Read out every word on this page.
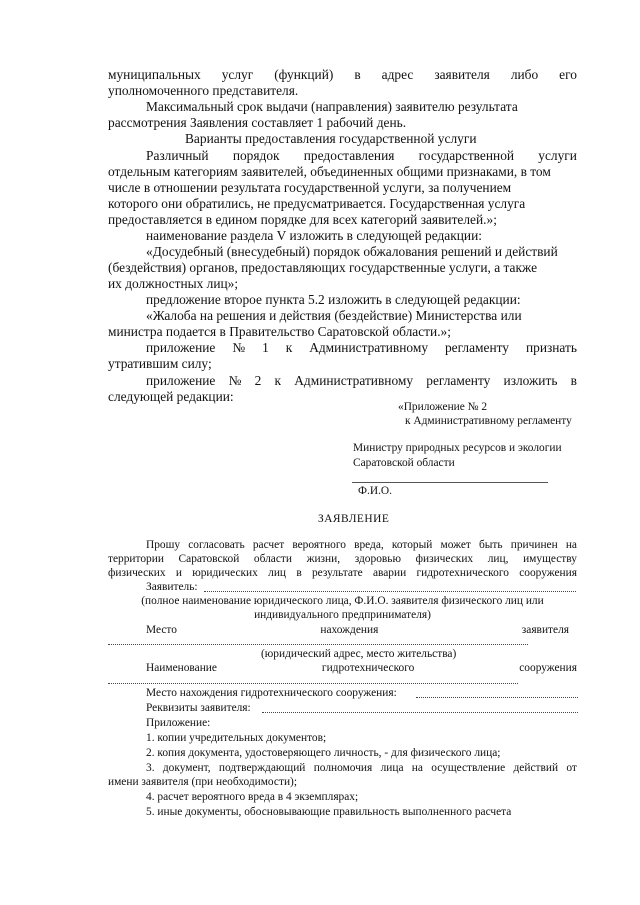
муниципальных услуг (функций) в адрес заявителя либо его
уполномоченного представителя.
Максимальный срок выдачи (направления) заявителю результата
рассмотрения Заявления составляет 1 рабочий день.
Варианты предоставления государственной услуги
Различный порядок предоставления государственной услуги
отдельным категориям заявителей, объединенных общими признаками, в том
числе в отношении результата государственной услуги, за получением
которого они обратились, не предусматривается. Государственная услуга
предоставляется в едином порядке для всех категорий заявителей.»;
наименование раздела V изложить в следующей редакции:
«Досудебный (внесудебный) порядок обжалования решений и действий
(бездействия) органов, предоставляющих государственные услуги, а также
их должностных лиц»;
предложение второе пункта 5.2 изложить в следующей редакции:
«Жалоба на решения и действия (бездействие) Министерства или
министра подается в Правительство Саратовской области.»;
приложение № 1 к Административному регламенту признать
утратившим силу;
приложение № 2 к Административному регламенту изложить в
следующей редакции:
«Приложение № 2
к Административному регламенту
Министру природных ресурсов и экологии
Саратовской области
Ф.И.О.
ЗАЯВЛЕНИЕ
Прошу согласовать расчет вероятного вреда, который может быть причинен на
территории Саратовской области жизни, здоровью физических лиц, имуществу
физических и юридических лиц в результате аварии гидротехнического сооружения
Заявитель:
(полное наименование юридического лица, Ф.И.О. заявителя физического лиц или
индивидуального предпринимателя)
Место	нахождения	заявителя
(юридический адрес, место жительства)
Наименование	гидротехнического	сооружения
Место нахождения гидротехнического сооружения:
Реквизиты заявителя:
Приложение:
1. копии учредительных документов;
2. копия документа, удостоверяющего личность, - для физического лица;
3. документ, подтверждающий полномочия лица на осуществление действий от
имени заявителя (при необходимости);
4. расчет вероятного вреда в 4 экземплярах;
5. иные документы, обосновывающие правильность выполненного расчета
